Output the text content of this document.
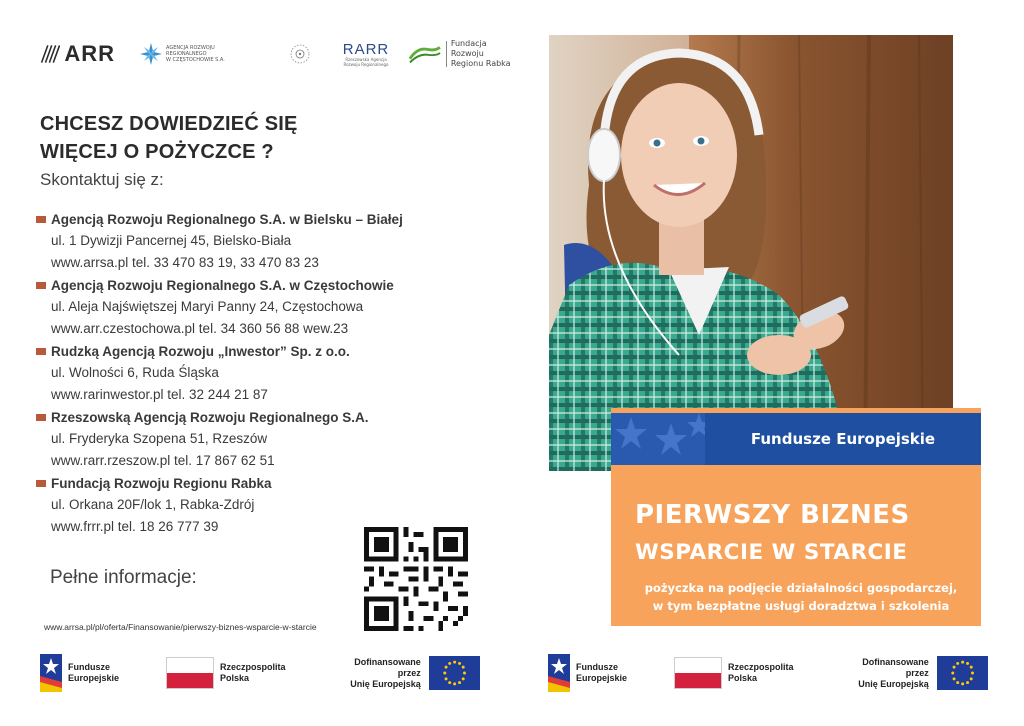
ARR	AGENCJA ROZWOJU
REGIONALNEGO
W CZĘSTOCHOWIE S.A.
RARR
Rzeszowska Agencja
Rozwoju Regionalnego
Fundacja Rozwoju
Regionu Rabka
CHCESZ DOWIEDZIEĆ SIĘ
WIĘCEJ O POŻYCZCE ?
Skontaktuj się z:
Agencją Rozwoju Regionalnego S.A. w Bielsku – Białej
ul. 1 Dywizji Pancernej 45, Bielsko-Biała
www.arrsa.pl tel. 33 470 83 19, 33 470 83 23
Agencją Rozwoju Regionalnego S.A. w Częstochowie
ul. Aleja Najświętszej Maryi Panny 24, Częstochowa
www.arr.czestochowa.pl tel. 34 360 56 88 wew.23
Rudzką Agencją Rozwoju „Inwestor” Sp. z o.o.
ul. Wolności 6, Ruda Śląska
www.rarinwestor.pl tel. 32 244 21 87
Rzeszowską Agencją Rozwoju Regionalnego S.A.
ul. Fryderyka Szopena 51, Rzeszów
www.rarr.rzeszow.pl tel. 17 867 62 51
Fundacją Rozwoju Regionu Rabka
ul. Orkana 20F/lok 1, Rabka-Zdrój
www.frrr.pl tel. 18 26 777 39
Pełne informacje:
www.arrsa.pl/pl/oferta/Finansowanie/pierwszy-biznes-wsparcie-w-starcie
Fundusze Europejskie
PIERWSZY BIZNES
WSPARCIE W STARCIE
pożyczka na podjęcie działalności gospodarczej,
w tym bezpłatne usługi doradztwa i szkolenia
Fundusze
Europejskie
Rzeczpospolita
Polska
Dofinansowane przez
Unię Europejską
Fundusze
Europejskie
Rzeczpospolita
Polska
Dofinansowane przez
Unię Europejską
